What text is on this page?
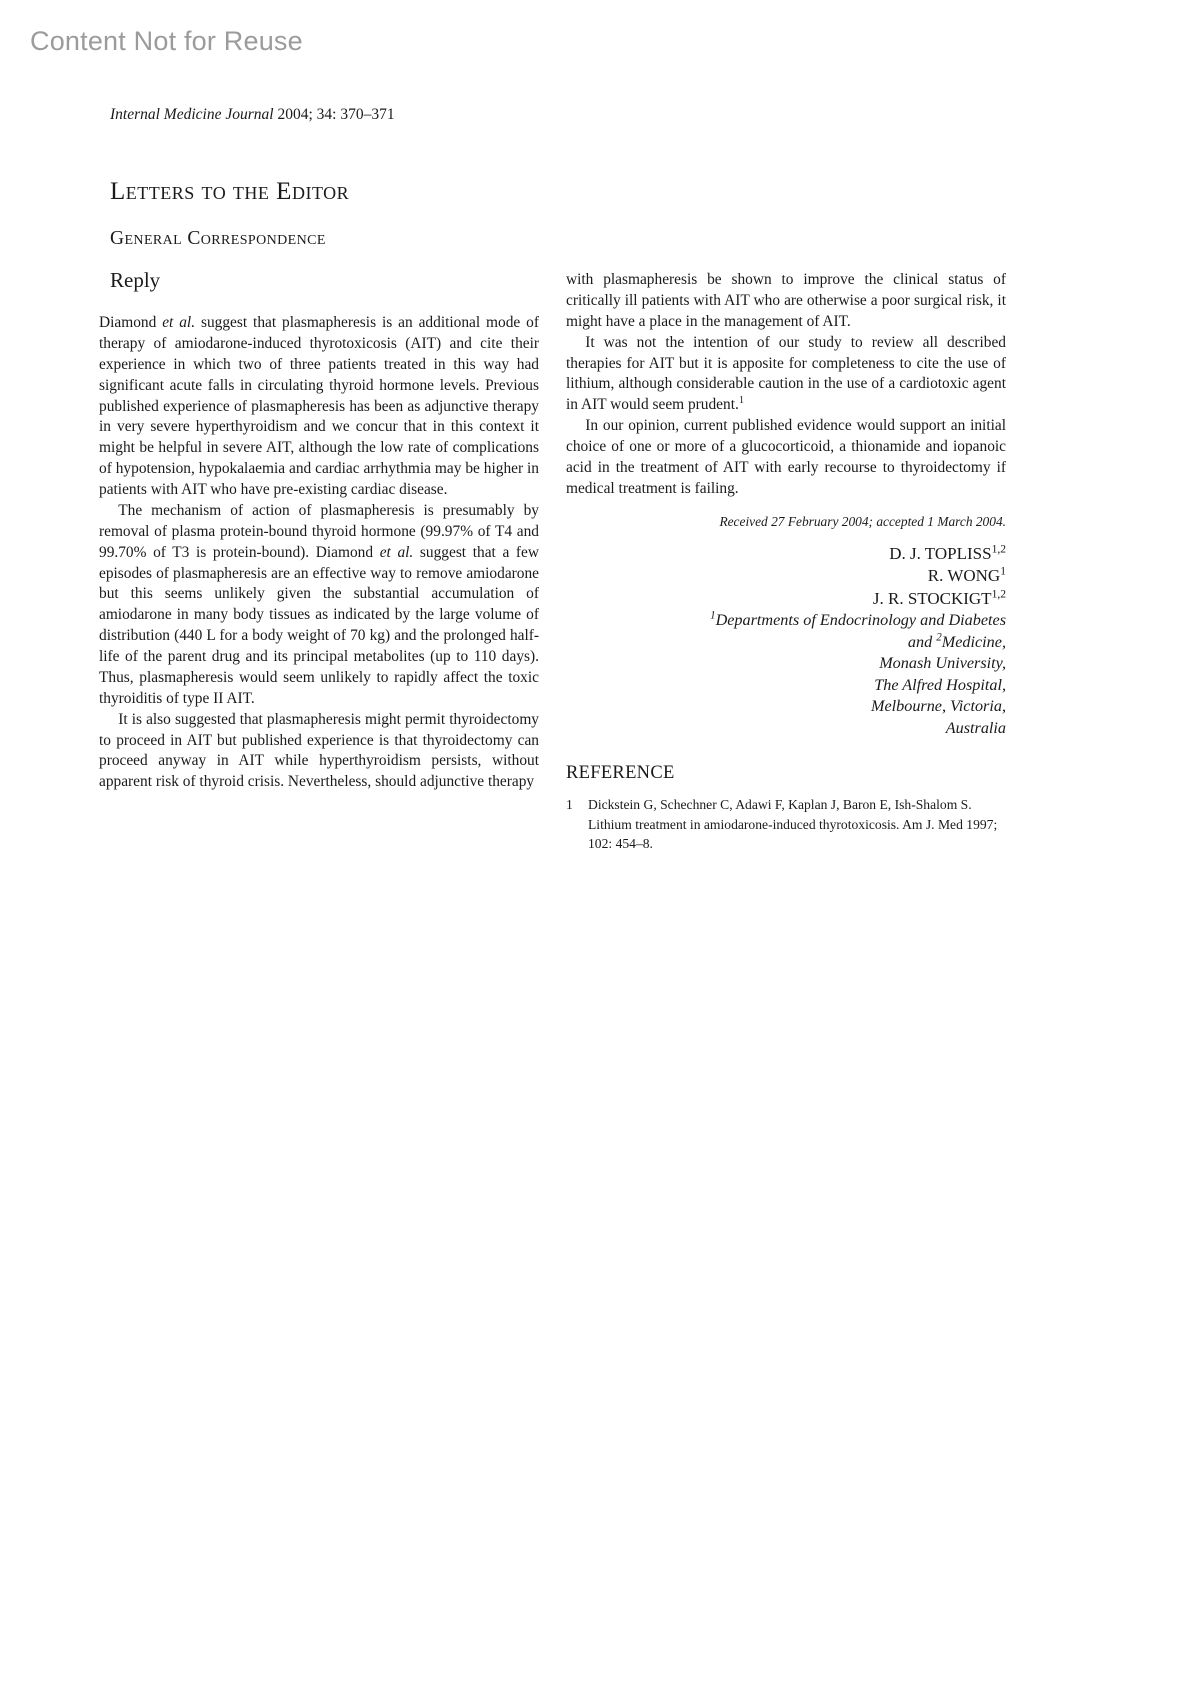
Content Not for Reuse
Internal Medicine Journal 2004; 34: 370–371
Letters to the Editor
General Correspondence
Reply

Diamond et al. suggest that plasmapheresis is an additional mode of therapy of amiodarone-induced thyrotoxicosis (AIT) and cite their experience in which two of three patients treated in this way had significant acute falls in circulating thyroid hormone levels. Previous published experience of plasmapheresis has been as adjunctive therapy in very severe hyperthyroidism and we concur that in this context it might be helpful in severe AIT, although the low rate of complications of hypotension, hypokalaemia and cardiac arrhythmia may be higher in patients with AIT who have pre-existing cardiac disease.

The mechanism of action of plasmapheresis is presumably by removal of plasma protein-bound thyroid hormone (99.97% of T4 and 99.70% of T3 is protein-bound). Diamond et al. suggest that a few episodes of plasmapheresis are an effective way to remove amiodarone but this seems unlikely given the substantial accumulation of amiodarone in many body tissues as indicated by the large volume of distribution (440 L for a body weight of 70 kg) and the prolonged half-life of the parent drug and its principal metabolites (up to 110 days). Thus, plasmapheresis would seem unlikely to rapidly affect the toxic thyroiditis of type II AIT.

It is also suggested that plasmapheresis might permit thyroidectomy to proceed in AIT but published experience is that thyroidectomy can proceed anyway in AIT while hyperthyroidism persists, without apparent risk of thyroid crisis. Nevertheless, should adjunctive therapy

with plasmapheresis be shown to improve the clinical status of critically ill patients with AIT who are otherwise a poor surgical risk, it might have a place in the management of AIT.

It was not the intention of our study to review all described therapies for AIT but it is apposite for completeness to cite the use of lithium, although considerable caution in the use of a cardiotoxic agent in AIT would seem prudent.$^1$

In our opinion, current published evidence would support an initial choice of one or more of a glucocorticoid, a thionamide and iopanoic acid in the treatment of AIT with early recourse to thyroidectomy if medical treatment is failing.

Received 27 February 2004; accepted 1 March 2004.
D. J. TOPLISS$^{1,2}$
R. WONG$^1$
J. R. STOCKIGT$^{1,2}$
$^1$Departments of Endocrinology and Diabetes
and $^2$Medicine,
Monash University,
The Alfred Hospital,
Melbourne, Victoria,
Australia
REFERENCE
1	Dickstein G, Schechner C, Adawi F, Kaplan J, Baron E, Ish-Shalom S. Lithium treatment in amiodarone-induced thyrotoxicosis. Am J. Med 1997; 102: 454–8.
